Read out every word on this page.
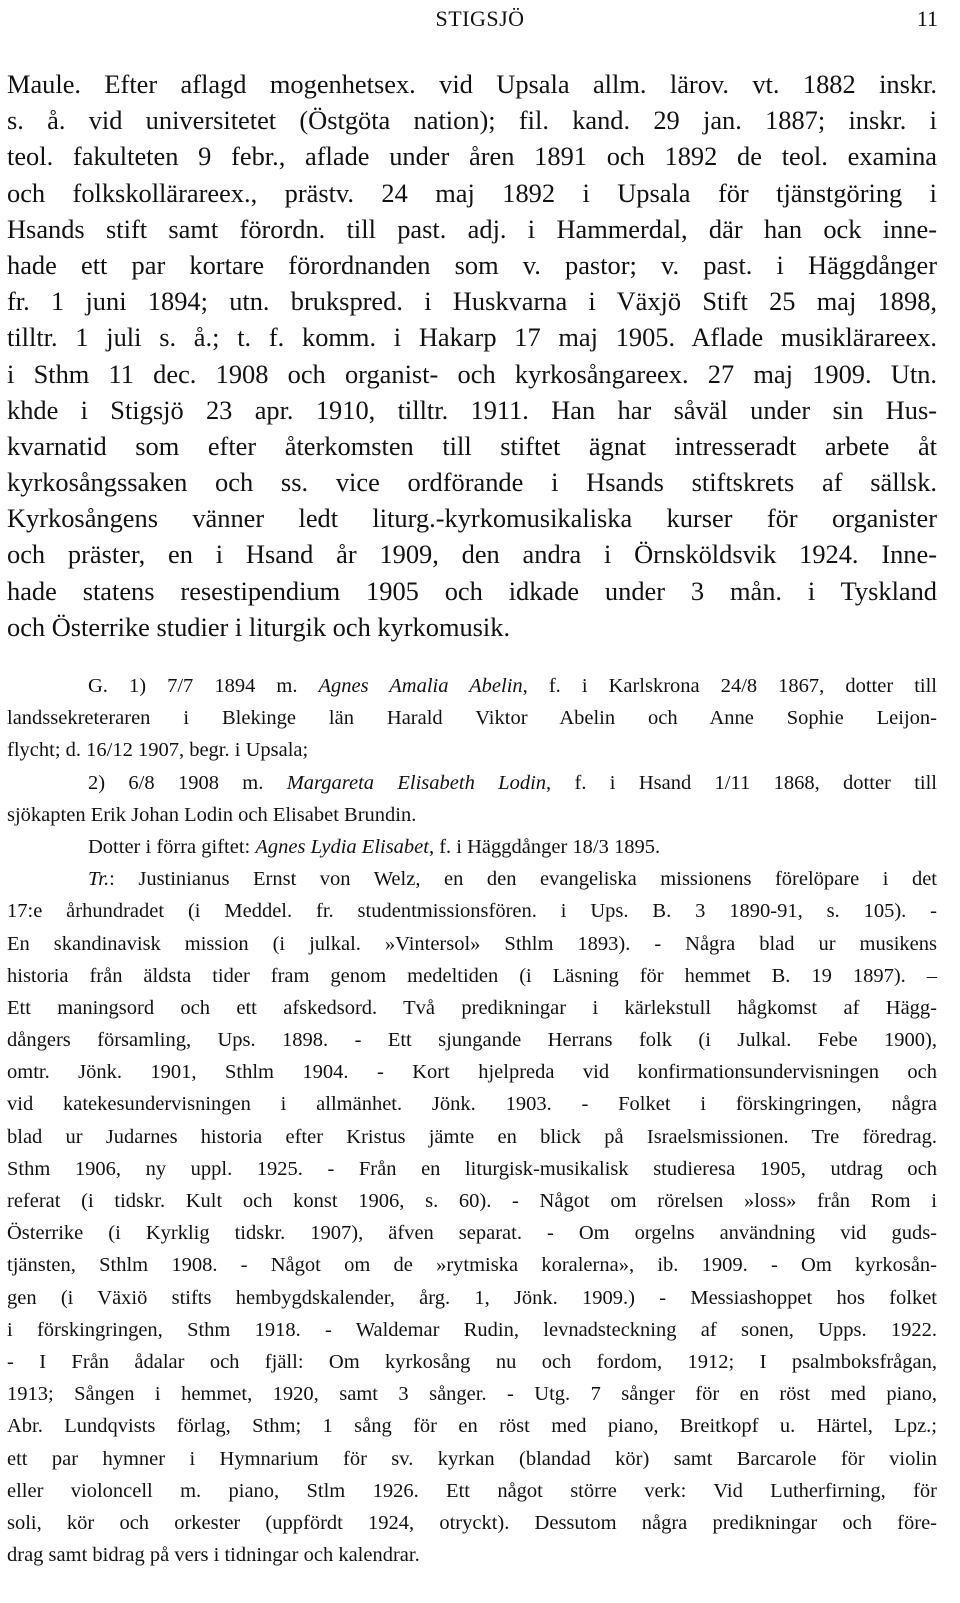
STIGSJÖ	11
Maule. Efter aflagd mogenhetsex. vid Upsala allm. lärov. vt. 1882 inskr.
s. å. vid universitetet (Östgöta nation); fil. kand. 29 jan. 1887; inskr. i
teol. fakulteten 9 febr., aflade under åren 1891 och 1892 de teol. examina
och folkskollärareex., prästv. 24 maj 1892 i Upsala för tjänstgöring i
Hsands stift samt förordn. till past. adj. i Hammerdal, där han ock inne-
hade ett par kortare förordnanden som v. pastor; v. past. i Häggdånger
fr. 1 juni 1894; utn. brukspred. i Huskvarna i Växjö Stift 25 maj 1898,
tilltr. 1 juli s. å.; t. f. komm. i Hakarp 17 maj 1905. Aflade musiklärareex.
i Sthm 11 dec. 1908 och organist- och kyrkosångareex. 27 maj 1909. Utn.
khde i Stigsjö 23 apr. 1910, tilltr. 1911. Han har såväl under sin Hus-
kvarnatid som efter återkomsten till stiftet ägnat intresseradt arbete åt
kyrkosångssaken och ss. vice ordförande i Hsands stiftskrets af sällsk.
Kyrkosångens vänner ledt liturg.-kyrkomusikaliska kurser för organister
och präster, en i Hsand år 1909, den andra i Örnsköldsvik 1924. Inne-
hade statens resestipendium 1905 och idkade under 3 mån. i Tyskland
och Österrike studier i liturgik och kyrkomusik.
G. 1) 7/7 1894 m. Agnes Amalia Abelin, f. i Karlskrona 24/8 1867, dotter till
landssekreteraren i Blekinge län Harald Viktor Abelin och Anne Sophie Leijon-
flycht; d. 16/12 1907, begr. i Upsala;
2) 6/8 1908 m. Margareta Elisabeth Lodin, f. i Hsand 1/11 1868, dotter till
sjökapten Erik Johan Lodin och Elisabet Brundin.
Dotter i förra giftet: Agnes Lydia Elisabet, f. i Häggdånger 18/3 1895.
Tr.: Justinianus Ernst von Welz, en den evangeliska missionens förelöpare i det
17:e århundradet (i Meddel. fr. studentmissionsfören. i Ups. B. 3 1890-91, s. 105). -
En skandinavisk mission (i julkal. »Vintersol» Sthlm 1893). - Några blad ur musikens
historia från äldsta tider fram genom medeltiden (i Läsning för hemmet B. 19 1897). –
Ett maningsord och ett afskedsord. Två predikningar i kärlekstull hågkomst af Hägg-
dångers församling, Ups. 1898. - Ett sjungande Herrans folk (i Julkal. Febe 1900),
omtr. Jönk. 1901, Sthlm 1904. - Kort hjelpreda vid konfirmationsundervisningen och
vid katekesundervisningen i allmänhet. Jönk. 1903. - Folket i förskingringen, några
blad ur Judarnes historia efter Kristus jämte en blick på Israelsmissionen. Tre föredrag.
Sthm 1906, ny uppl. 1925. - Från en liturgisk-musikalisk studieresa 1905, utdrag och
referat (i tidskr. Kult och konst 1906, s. 60). - Något om rörelsen »loss» från Rom i
Österrike (i Kyrklig tidskr. 1907), äfven separat. - Om orgelns användning vid guds-
tjänsten, Sthlm 1908. - Något om de »rytmiska koralerna», ib. 1909. - Om kyrkosån-
gen (i Växiö stifts hembygdskalender, årg. 1, Jönk. 1909.) - Messiashoppet hos folket
i förskingringen, Sthm 1918. - Waldemar Rudin, levnadsteckning af sonen, Upps. 1922.
- I Från ådalar och fjäll: Om kyrkosång nu och fordom, 1912; I psalmboksfrågan,
1913; Sången i hemmet, 1920, samt 3 sånger. - Utg. 7 sånger för en röst med piano,
Abr. Lundqvists förlag, Sthm; 1 sång för en röst med piano, Breitkopf u. Härtel, Lpz.;
ett par hymner i Hymnarium för sv. kyrkan (blandad kör) samt Barcarole för violin
eller violoncell m. piano, Stlm 1926. Ett något större verk: Vid Lutherfirning, för
soli, kör och orkester (uppfördt 1924, otryckt). Dessutom några predikningar och före-
drag samt bidrag på vers i tidningar och kalendrar.
